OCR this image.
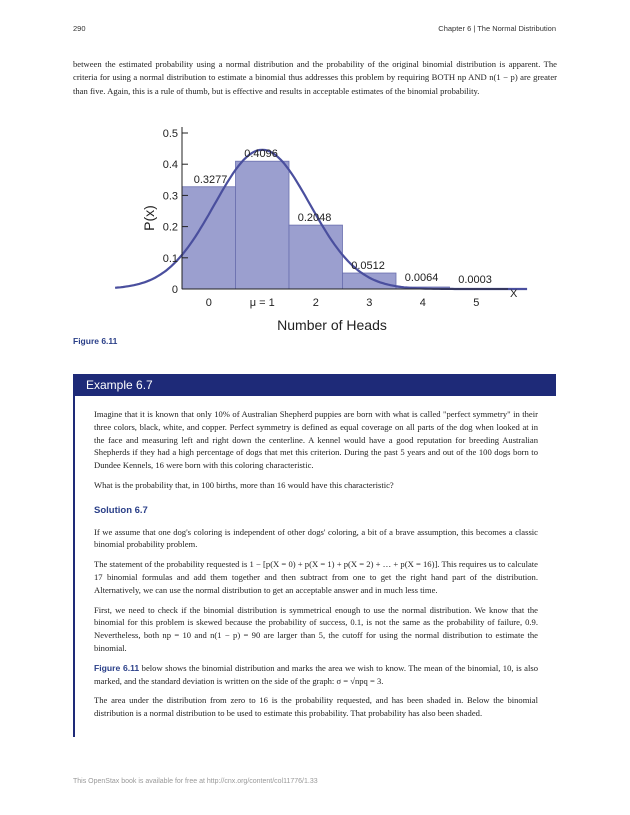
290	Chapter 6 | The Normal Distribution
between the estimated probability using a normal distribution and the probability of the original binomial distribution is apparent. The criteria for using a normal distribution to estimate a binomial thus addresses this problem by requiring BOTH np AND n(1 − p) are greater than five. Again, this is a rule of thumb, but is effective and results in acceptable estimates of the binomial probability.
0
0.1
0.2
0.3
0.4
0.5
0	μ = 1	2	3	4	5
0.3277
0.4096
0.2048
0.0512
0.0064 0.0003
X
Number of Heads
P(x)
Figure 6.11
Example 6.7

Imagine that it is known that only 10% of Australian Shepherd puppies are born with what is called "perfect symmetry" in their three colors, black, white, and copper. Perfect symmetry is defined as equal coverage on all parts of the dog when looked at in the face and measuring left and right down the centerline. A kennel would have a good reputation for breeding Australian Shepherds if they had a high percentage of dogs that met this criterion. During the past 5 years and out of the 100 dogs born to Dundee Kennels, 16 were born with this coloring characteristic.

What is the probability that, in 100 births, more than 16 would have this characteristic?

Solution 6.7

If we assume that one dog's coloring is independent of other dogs' coloring, a bit of a brave assumption, this becomes a classic binomial probability problem.

The statement of the probability requested is 1 − [p(X = 0) + p(X = 1) + p(X = 2) + … + p(X = 16)]. This requires us to calculate 17 binomial formulas and add them together and then subtract from one to get the right hand part of the distribution. Alternatively, we can use the normal distribution to get an acceptable answer and in much less time.

First, we need to check if the binomial distribution is symmetrical enough to use the normal distribution. We know that the binomial for this problem is skewed because the probability of success, 0.1, is not the same as the probability of failure, 0.9. Nevertheless, both np = 10 and n(1 − p) = 90 are larger than 5, the cutoff for using the normal distribution to estimate the binomial.

Figure 6.11 below shows the binomial distribution and marks the area we wish to know. The mean of the binomial, 10, is also marked, and the standard deviation is written on the side of the graph: σ = √npq = 3.

The area under the distribution from zero to 16 is the probability requested, and has been shaded in. Below the binomial distribution is a normal distribution to be used to estimate this probability. That probability has also been shaded.

This OpenStax book is available for free at http://cnx.org/content/col11776/1.33
